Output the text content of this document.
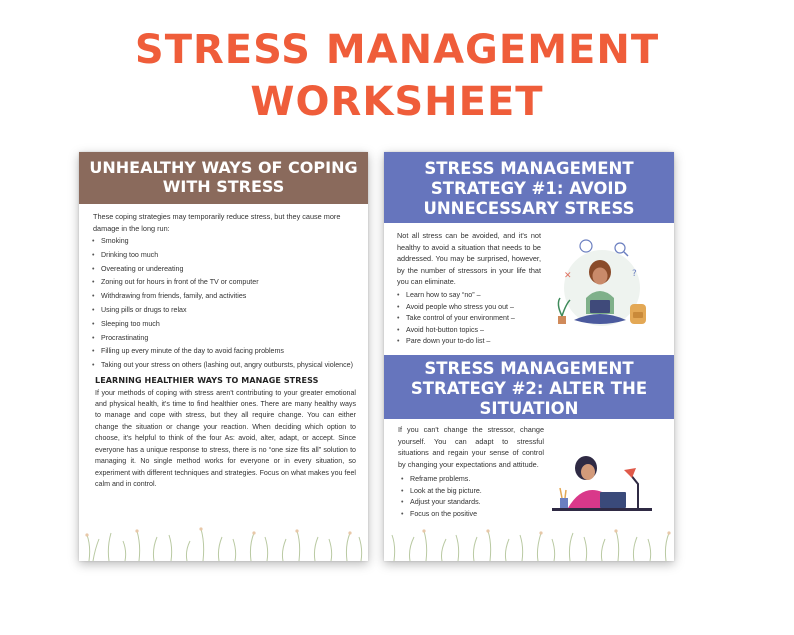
STRESS MANAGEMENT
WORKSHEET
UNHEALTHY WAYS OF COPING WITH STRESS
These coping strategies may temporarily reduce stress, but they cause more damage in the long run:
• Smoking
• Drinking too much
• Overeating or undereating
• Zoning out for hours in front of the TV or computer
• Withdrawing from friends, family, and activities
• Using pills or drugs to relax
• Sleeping too much
• Procrastinating
• Filling up every minute of the day to avoid facing problems
• Taking out your stress on others (lashing out, angry outbursts, physical violence)
LEARNING HEALTHIER WAYS TO MANAGE STRESS
If your methods of coping with stress aren't contributing to your greater emotional and physical health, it's time to find healthier ones. There are many healthy ways to manage and cope with stress, but they all require change. You can either change the situation or change your reaction. When deciding which option to choose, it's helpful to think of the four As: avoid, alter, adapt, or accept. Since everyone has a unique response to stress, there is no “one size fits all” solution to managing it. No single method works for everyone or in every situation, so experiment with different techniques and strategies. Focus on what makes you feel calm and in control.
STRESS MANAGEMENT
STRATEGY #1: AVOID
UNNECESSARY STRESS
Not all stress can be avoided, and it's not healthy to avoid a situation that needs to be addressed. You may be surprised, however, by the number of stressors in your life that you can eliminate.
• Learn how to say “no” –
• Avoid people who stress you out –
• Take control of your environment –
• Avoid hot-button topics –
• Pare down your to-do list –
✕	?
STRESS MANAGEMENT
STRATEGY #2: ALTER THE
SITUATION
If you can't change the stressor, change yourself. You can adapt to stressful situations and regain your sense of control by changing your expectations and attitude.
• Reframe problems.
• Look at the big picture.
• Adjust your standards.
• Focus on the positive
